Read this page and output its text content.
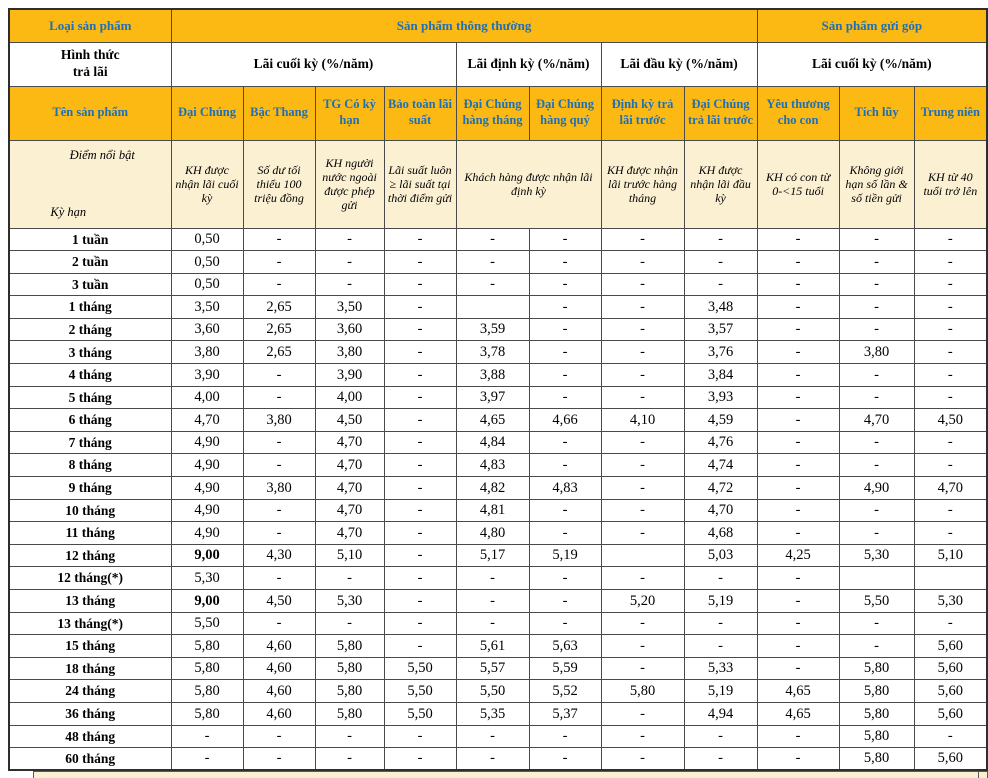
Loại sản phẩm	Sản phẩm thông thường								Sản phẩm gửi góp		

Hình thức
trả lãi	Lãi cuối kỳ (%/năm)				Lãi định kỳ (%/năm)		Lãi đầu kỳ (%/năm)		Lãi cuối kỳ (%/năm)		
Tên sản phẩm	Đại Chúng	Bậc Thang	TG Có kỳ hạn	Bảo toàn lãi suất	Đại Chúng hàng tháng	Đại Chúng hàng quý	Định kỳ trả lãi trước	Đại Chúng trả lãi trước	Yêu thương cho con	Tích lũy	Trung niên

Điểm nổi bật
Kỳ hạn	KH được nhận lãi cuối kỳ	Số dư tối thiểu 100 triệu đồng	KH người nước ngoài được phép gửi	Lãi suất luôn ≥ lãi suất tại thời điểm gửi	Khách hàng được nhận lãi định kỳ		KH được nhận lãi trước hàng tháng	KH được nhận lãi đầu kỳ	KH có con từ 0-<15 tuổi	Không giới hạn số lần & số tiền gửi	KH từ 40 tuổi trở lên
1 tuần	0,50	-	-	-	-	-	-	-	-	-	-
2 tuần	0,50	-	-	-	-	-	-	-	-	-	-
3 tuần	0,50	-	-	-	-	-	-	-	-	-	-
1 tháng	3,50	2,65	3,50	-		-	-	3,48	-	-	-
2 tháng	3,60	2,65	3,60	-	3,59	-	-	3,57	-	-	-
3 tháng	3,80	2,65	3,80	-	3,78	-	-	3,76	-	3,80	-
4 tháng	3,90	-	3,90	-	3,88	-	-	3,84	-	-	-
5 tháng	4,00	-	4,00	-	3,97	-	-	3,93	-	-	-
6 tháng	4,70	3,80	4,50	-	4,65	4,66	4,10	4,59	-	4,70	4,50
7 tháng	4,90	-	4,70	-	4,84	-	-	4,76	-	-	-
8 tháng	4,90	-	4,70	-	4,83	-	-	4,74	-	-	-
9 tháng	4,90	3,80	4,70	-	4,82	4,83	-	4,72	-	4,90	4,70
10 tháng	4,90	-	4,70	-	4,81	-	-	4,70	-	-	-
11 tháng	4,90	-	4,70	-	4,80	-	-	4,68	-	-	-
12 tháng	9,00	4,30	5,10	-	5,17	5,19		5,03	4,25	5,30	5,10
12 tháng(*)	5,30	-	-	-	-	-	-	-	-		
13 tháng	9,00	4,50	5,30	-	-	-	5,20	5,19	-	5,50	5,30
13 tháng(*)	5,50	-	-	-	-	-	-	-	-	-	-
15 tháng	5,80	4,60	5,80	-	5,61	5,63	-	-	-	-	5,60
18 tháng	5,80	4,60	5,80	5,50	5,57	5,59	-	5,33	-	5,80	5,60
24 tháng	5,80	4,60	5,80	5,50	5,50	5,52	5,80	5,19	4,65	5,80	5,60
36 tháng	5,80	4,60	5,80	5,50	5,35	5,37	-	4,94	4,65	5,80	5,60
48 tháng	-	-	-	-	-	-	-	-	-	5,80	-
60 tháng	-	-	-	-	-	-	-	-	-	5,80	5,60
